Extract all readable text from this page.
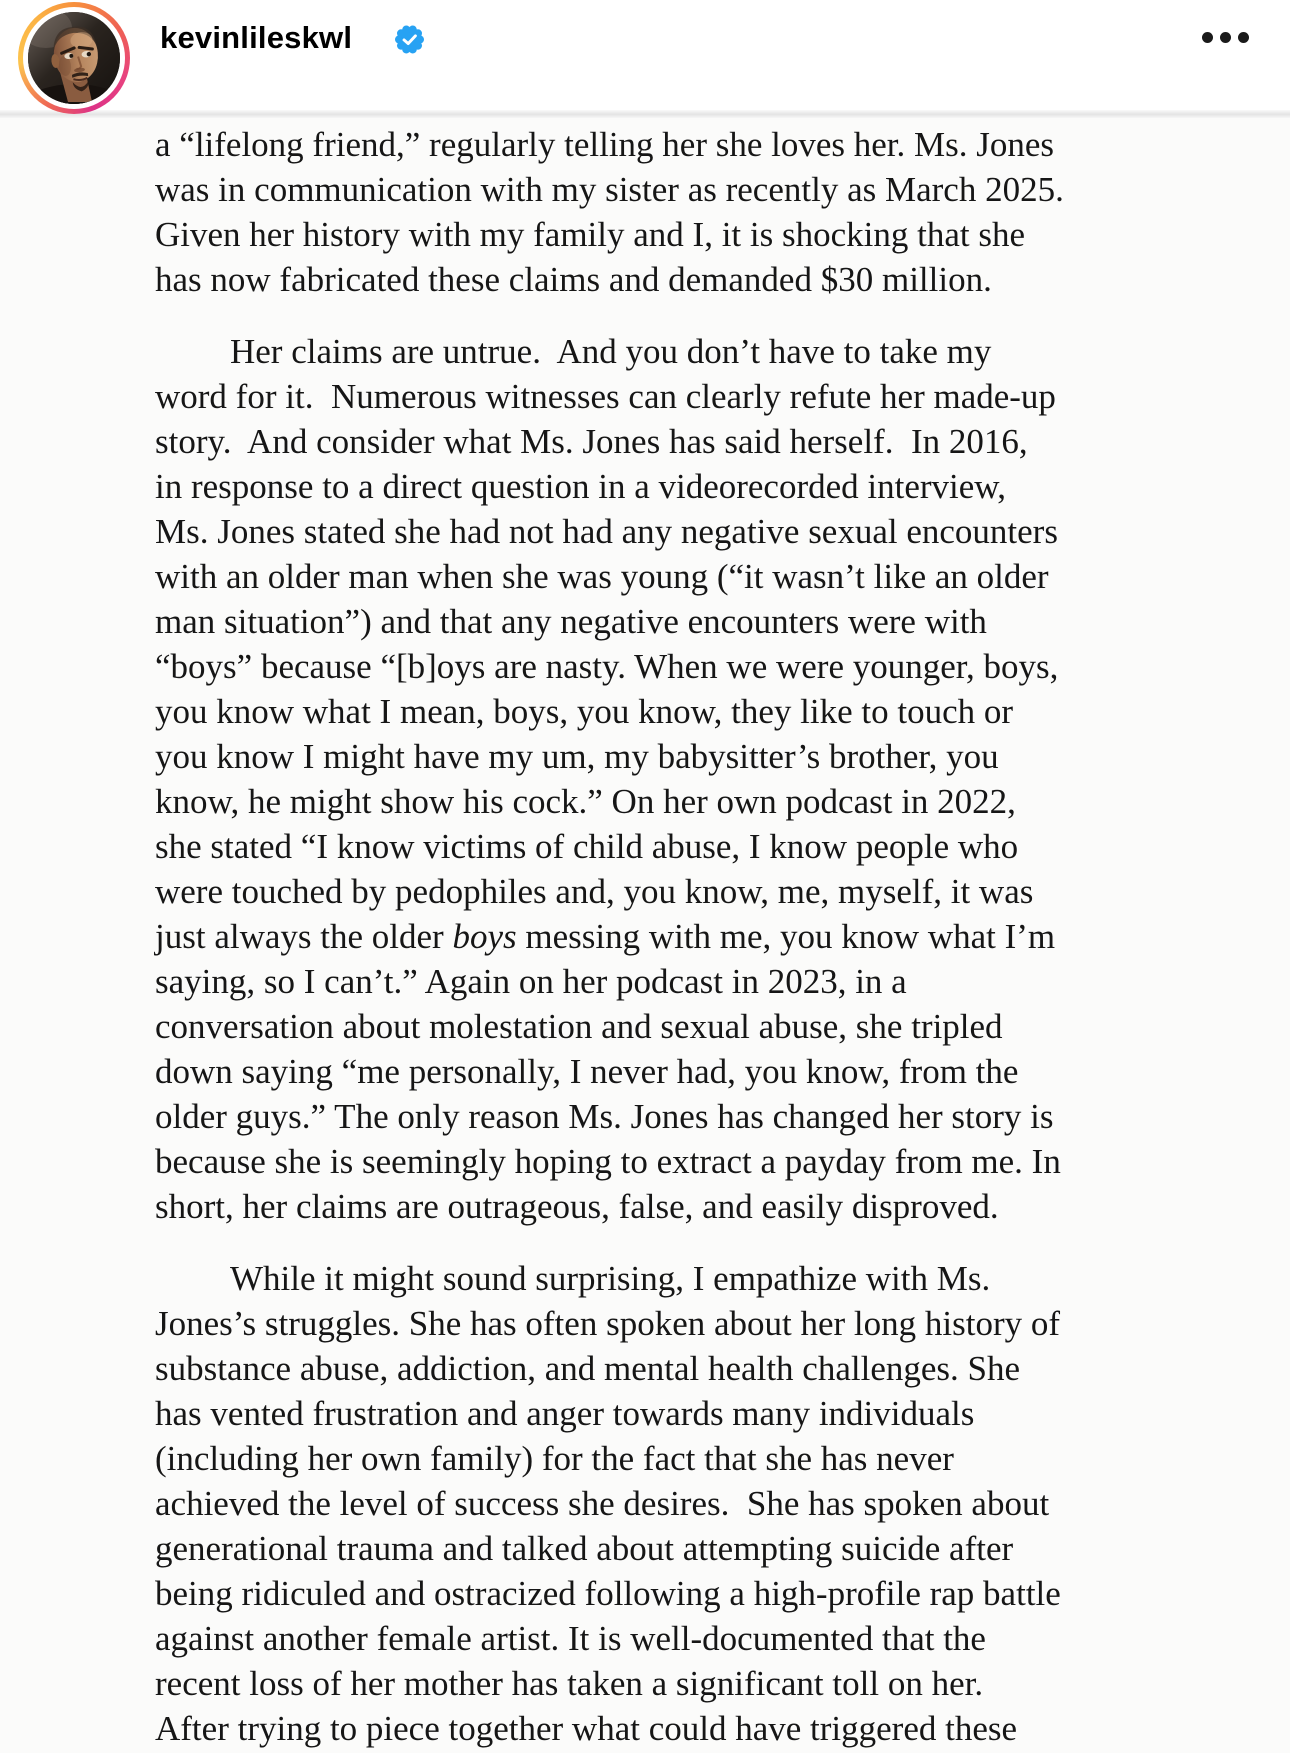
kevinlileskwl
a “lifelong friend,” regularly telling her she loves her. Ms. Jones
was in communication with my sister as recently as March 2025.
Given her history with my family and I, it is shocking that she
has now fabricated these claims and demanded $30 million.
Her claims are untrue.  And you don’t have to take my
word for it.  Numerous witnesses can clearly refute her made-up
story.  And consider what Ms. Jones has said herself.  In 2016,
in response to a direct question in a videorecorded interview,
Ms. Jones stated she had not had any negative sexual encounters
with an older man when she was young (“it wasn’t like an older
man situation”) and that any negative encounters were with
“boys” because “[b]oys are nasty. When we were younger, boys,
you know what I mean, boys, you know, they like to touch or
you know I might have my um, my babysitter’s brother, you
know, he might show his cock.” On her own podcast in 2022,
she stated “I know victims of child abuse, I know people who
were touched by pedophiles and, you know, me, myself, it was
just always the older boys messing with me, you know what I’m
saying, so I can’t.” Again on her podcast in 2023, in a
conversation about molestation and sexual abuse, she tripled
down saying “me personally, I never had, you know, from the
older guys.” The only reason Ms. Jones has changed her story is
because she is seemingly hoping to extract a payday from me. In
short, her claims are outrageous, false, and easily disproved.
While it might sound surprising, I empathize with Ms.
Jones’s struggles. She has often spoken about her long history of
substance abuse, addiction, and mental health challenges. She
has vented frustration and anger towards many individuals
(including her own family) for the fact that she has never
achieved the level of success she desires.  She has spoken about
generational trauma and talked about attempting suicide after
being ridiculed and ostracized following a high-profile rap battle
against another female artist. It is well-documented that the
recent loss of her mother has taken a significant toll on her.
After trying to piece together what could have triggered these
